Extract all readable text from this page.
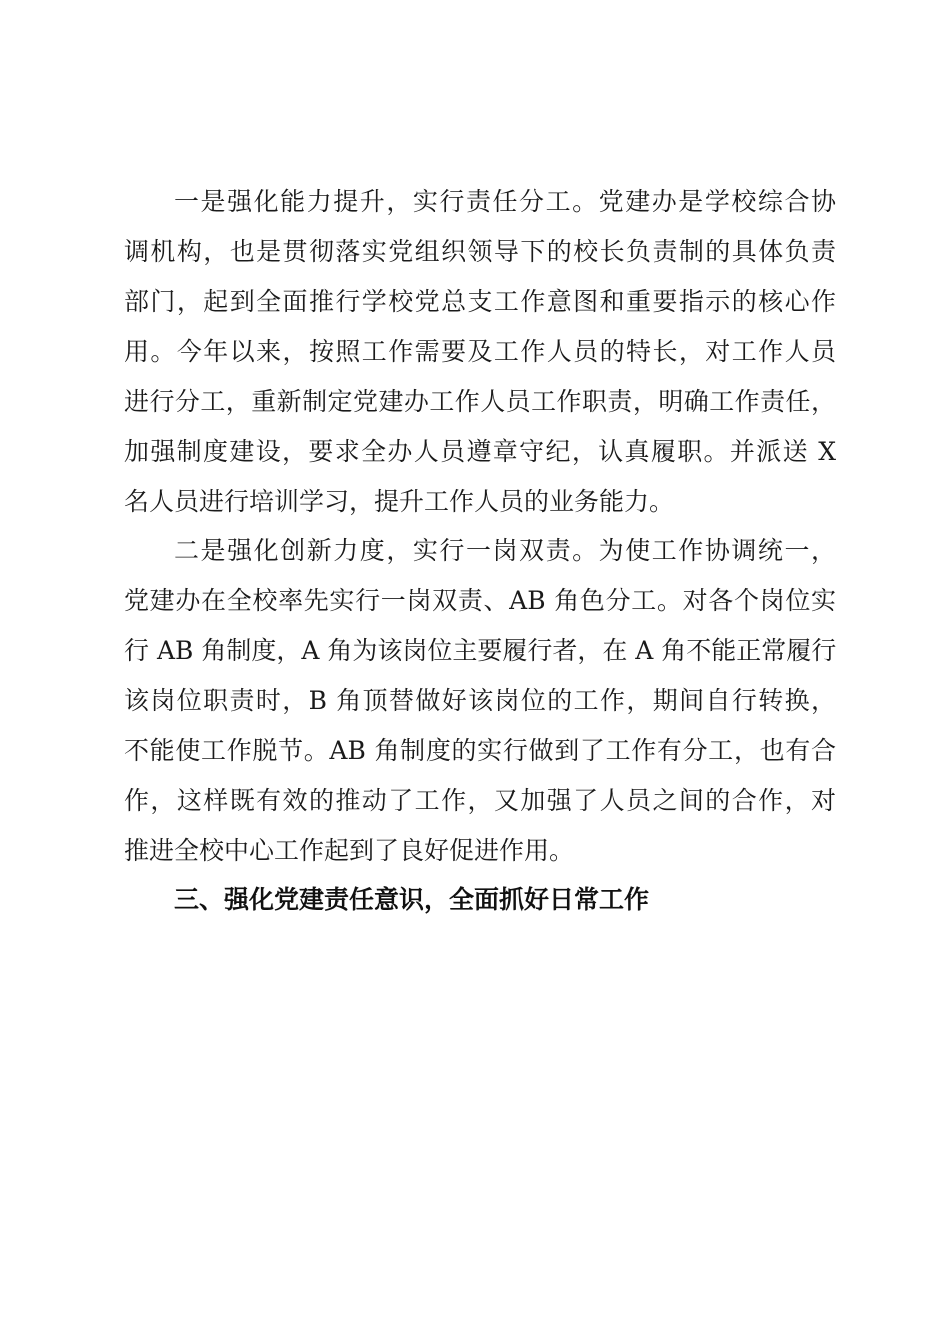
一是强化能力提升，实行责任分工。党建办是学校综合协
调机构，也是贯彻落实党组织领导下的校长负责制的具体负责
部门，起到全面推行学校党总支工作意图和重要指示的核心作
用。今年以来，按照工作需要及工作人员的特长，对工作人员
进行分工，重新制定党建办工作人员工作职责，明确工作责任，
加强制度建设，要求全办人员遵章守纪，认真履职。并派送 X
名人员进行培训学习，提升工作人员的业务能力。
二是强化创新力度，实行一岗双责。为使工作协调统一，
党建办在全校率先实行一岗双责、AB 角色分工。对各个岗位实
行 AB 角制度，A 角为该岗位主要履行者，在 A 角不能正常履行
该岗位职责时，B 角顶替做好该岗位的工作，期间自行转换，
不能使工作脱节。AB 角制度的实行做到了工作有分工，也有合
作，这样既有效的推动了工作，又加强了人员之间的合作，对
推进全校中心工作起到了良好促进作用。
三、强化党建责任意识，全面抓好日常工作
